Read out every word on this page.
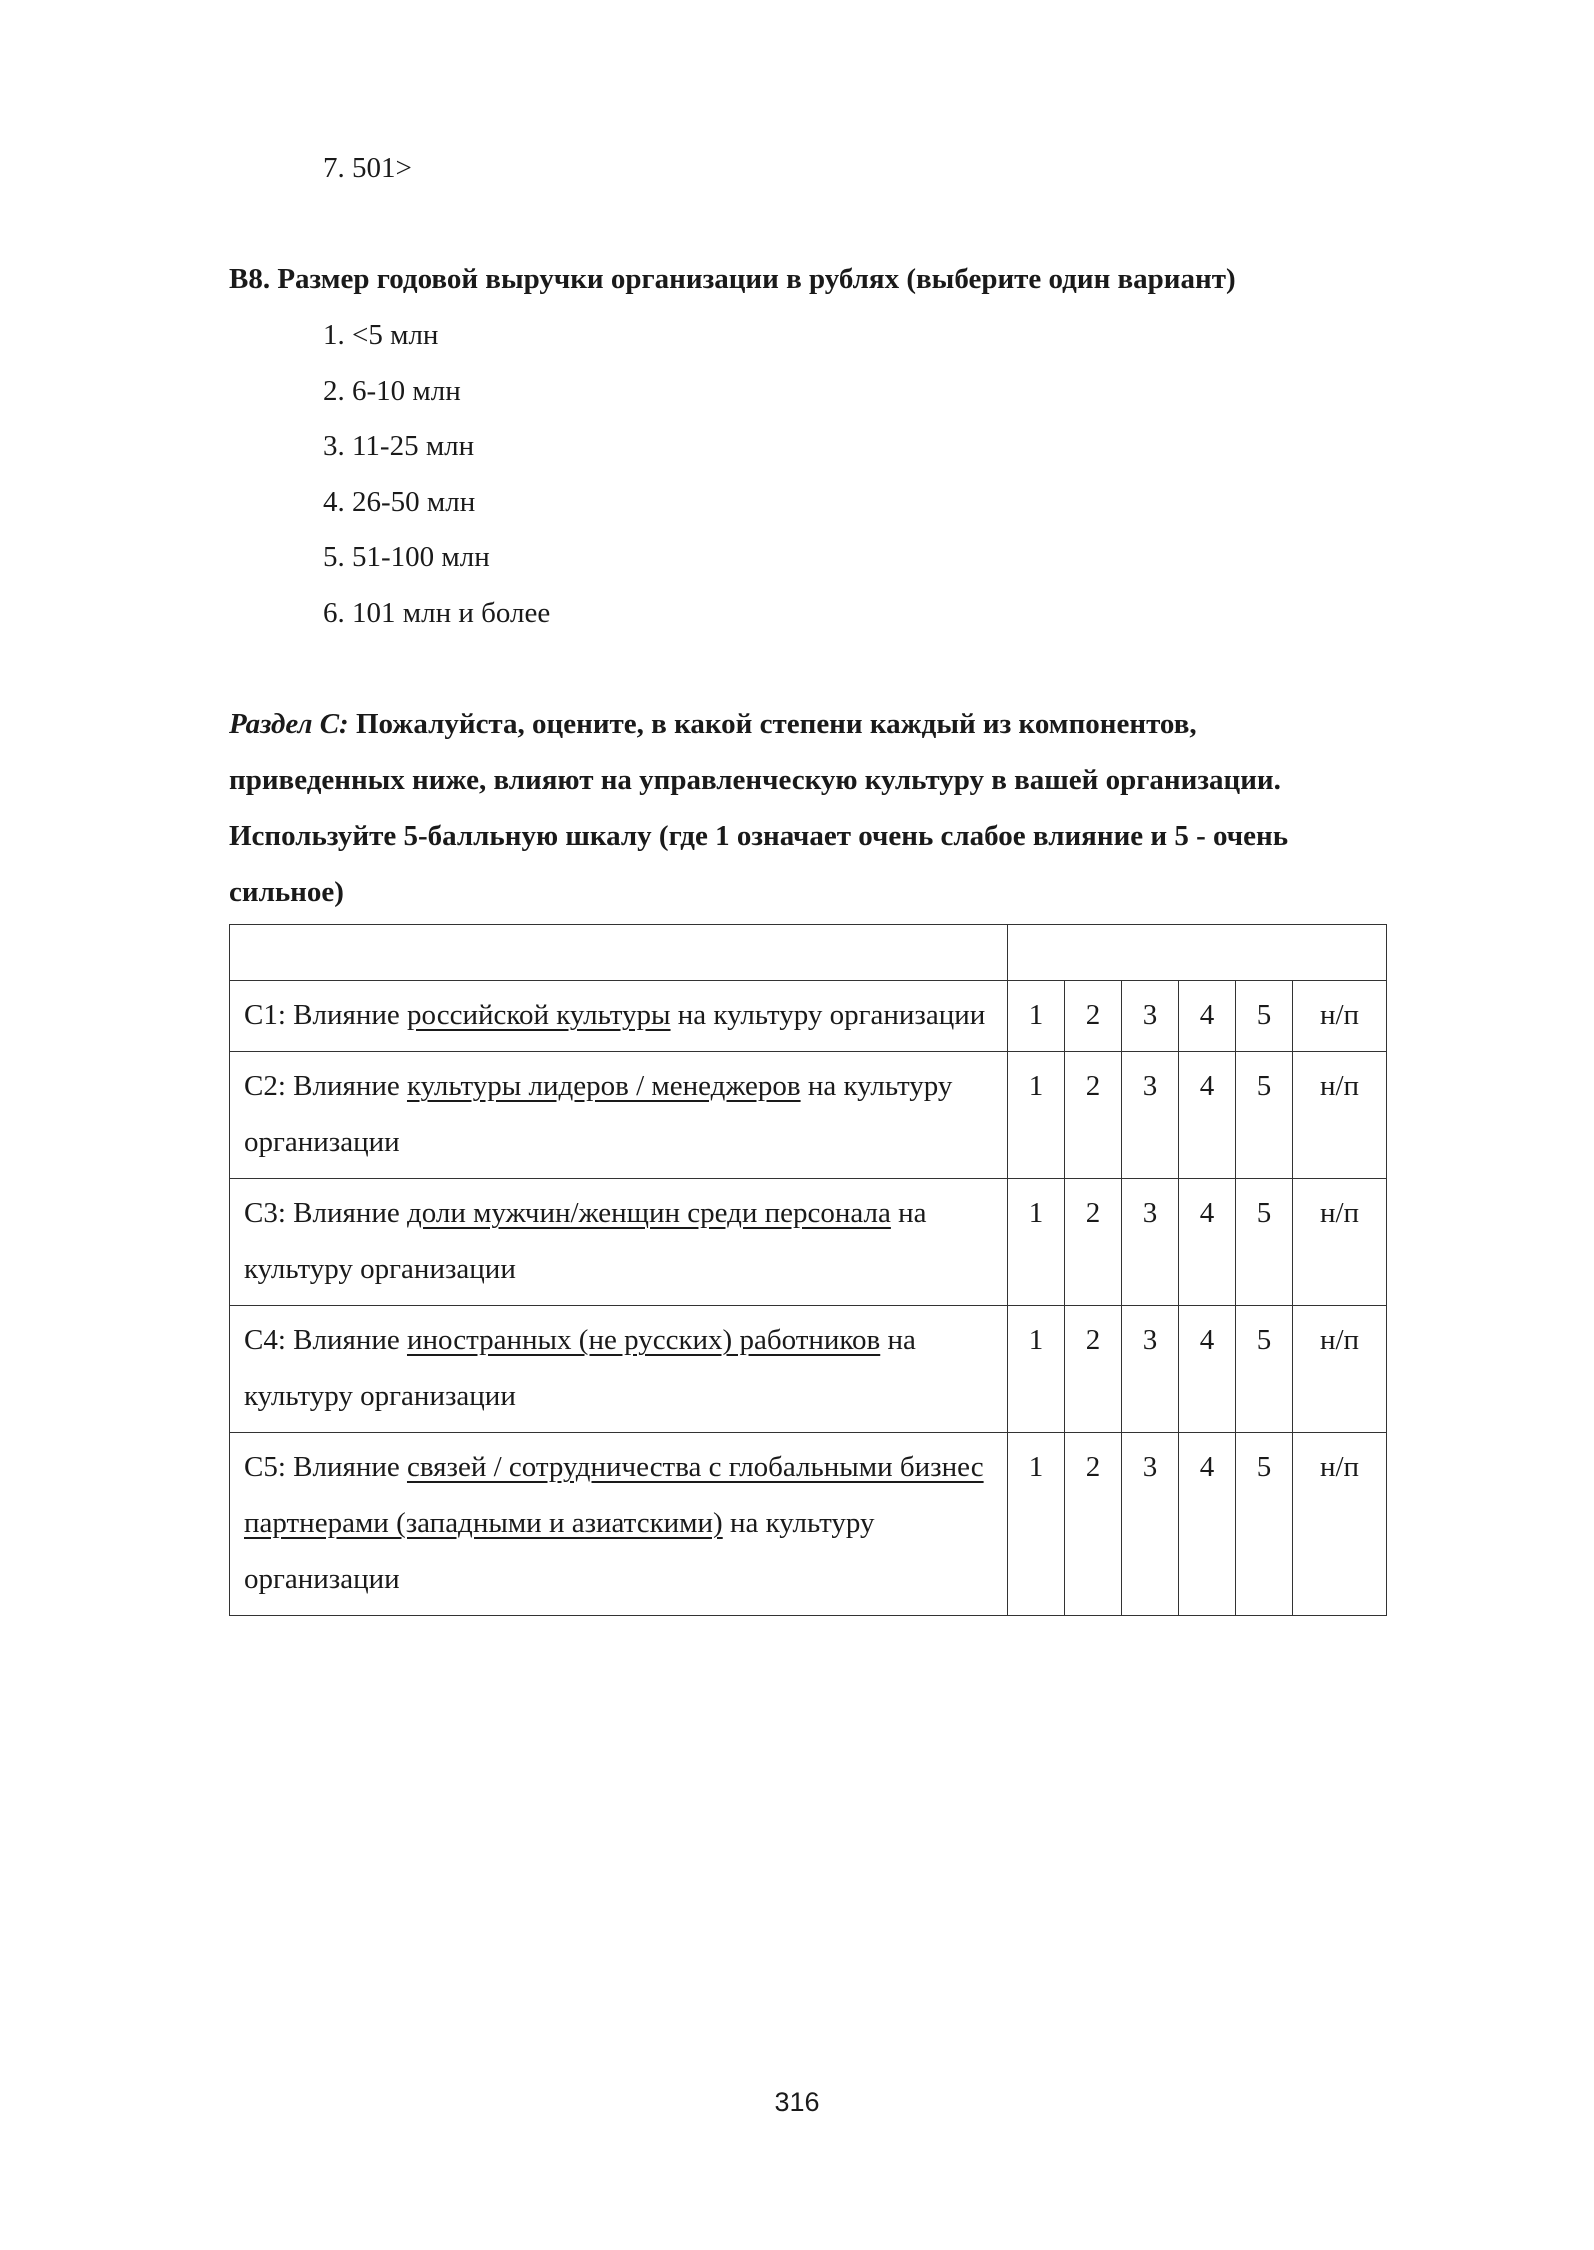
7. 501>
B8. Размер годовой выручки организации в рублях (выберите один вариант)
1. <5 млн
2. 6-10 млн
3. 11-25 млн
4. 26-50 млн
5. 51-100 млн
6. 101 млн и более
Раздел С: Пожалуйста, оцените, в какой степени каждый из компонентов, приведенных ниже, влияют на управленческую культуру в вашей организации. Используйте 5-балльную шкалу (где 1 означает очень слабое влияние и 5 - очень сильное)

С1: Влияние российской культуры на культуру организации	1	2	3	4	5	н/п
С2: Влияние культуры лидеров / менеджеров на культуру организации	1	2	3	4	5	н/п
С3: Влияние доли мужчин/женщин среди персонала на культуру организации	1	2	3	4	5	н/п
С4: Влияние иностранных (не русских) работников на культуру организации	1	2	3	4	5	н/п
С5: Влияние связей / сотрудничества с глобальными бизнес партнерами (западными и азиатскими) на культуру организации	1	2	3	4	5	н/п
316
